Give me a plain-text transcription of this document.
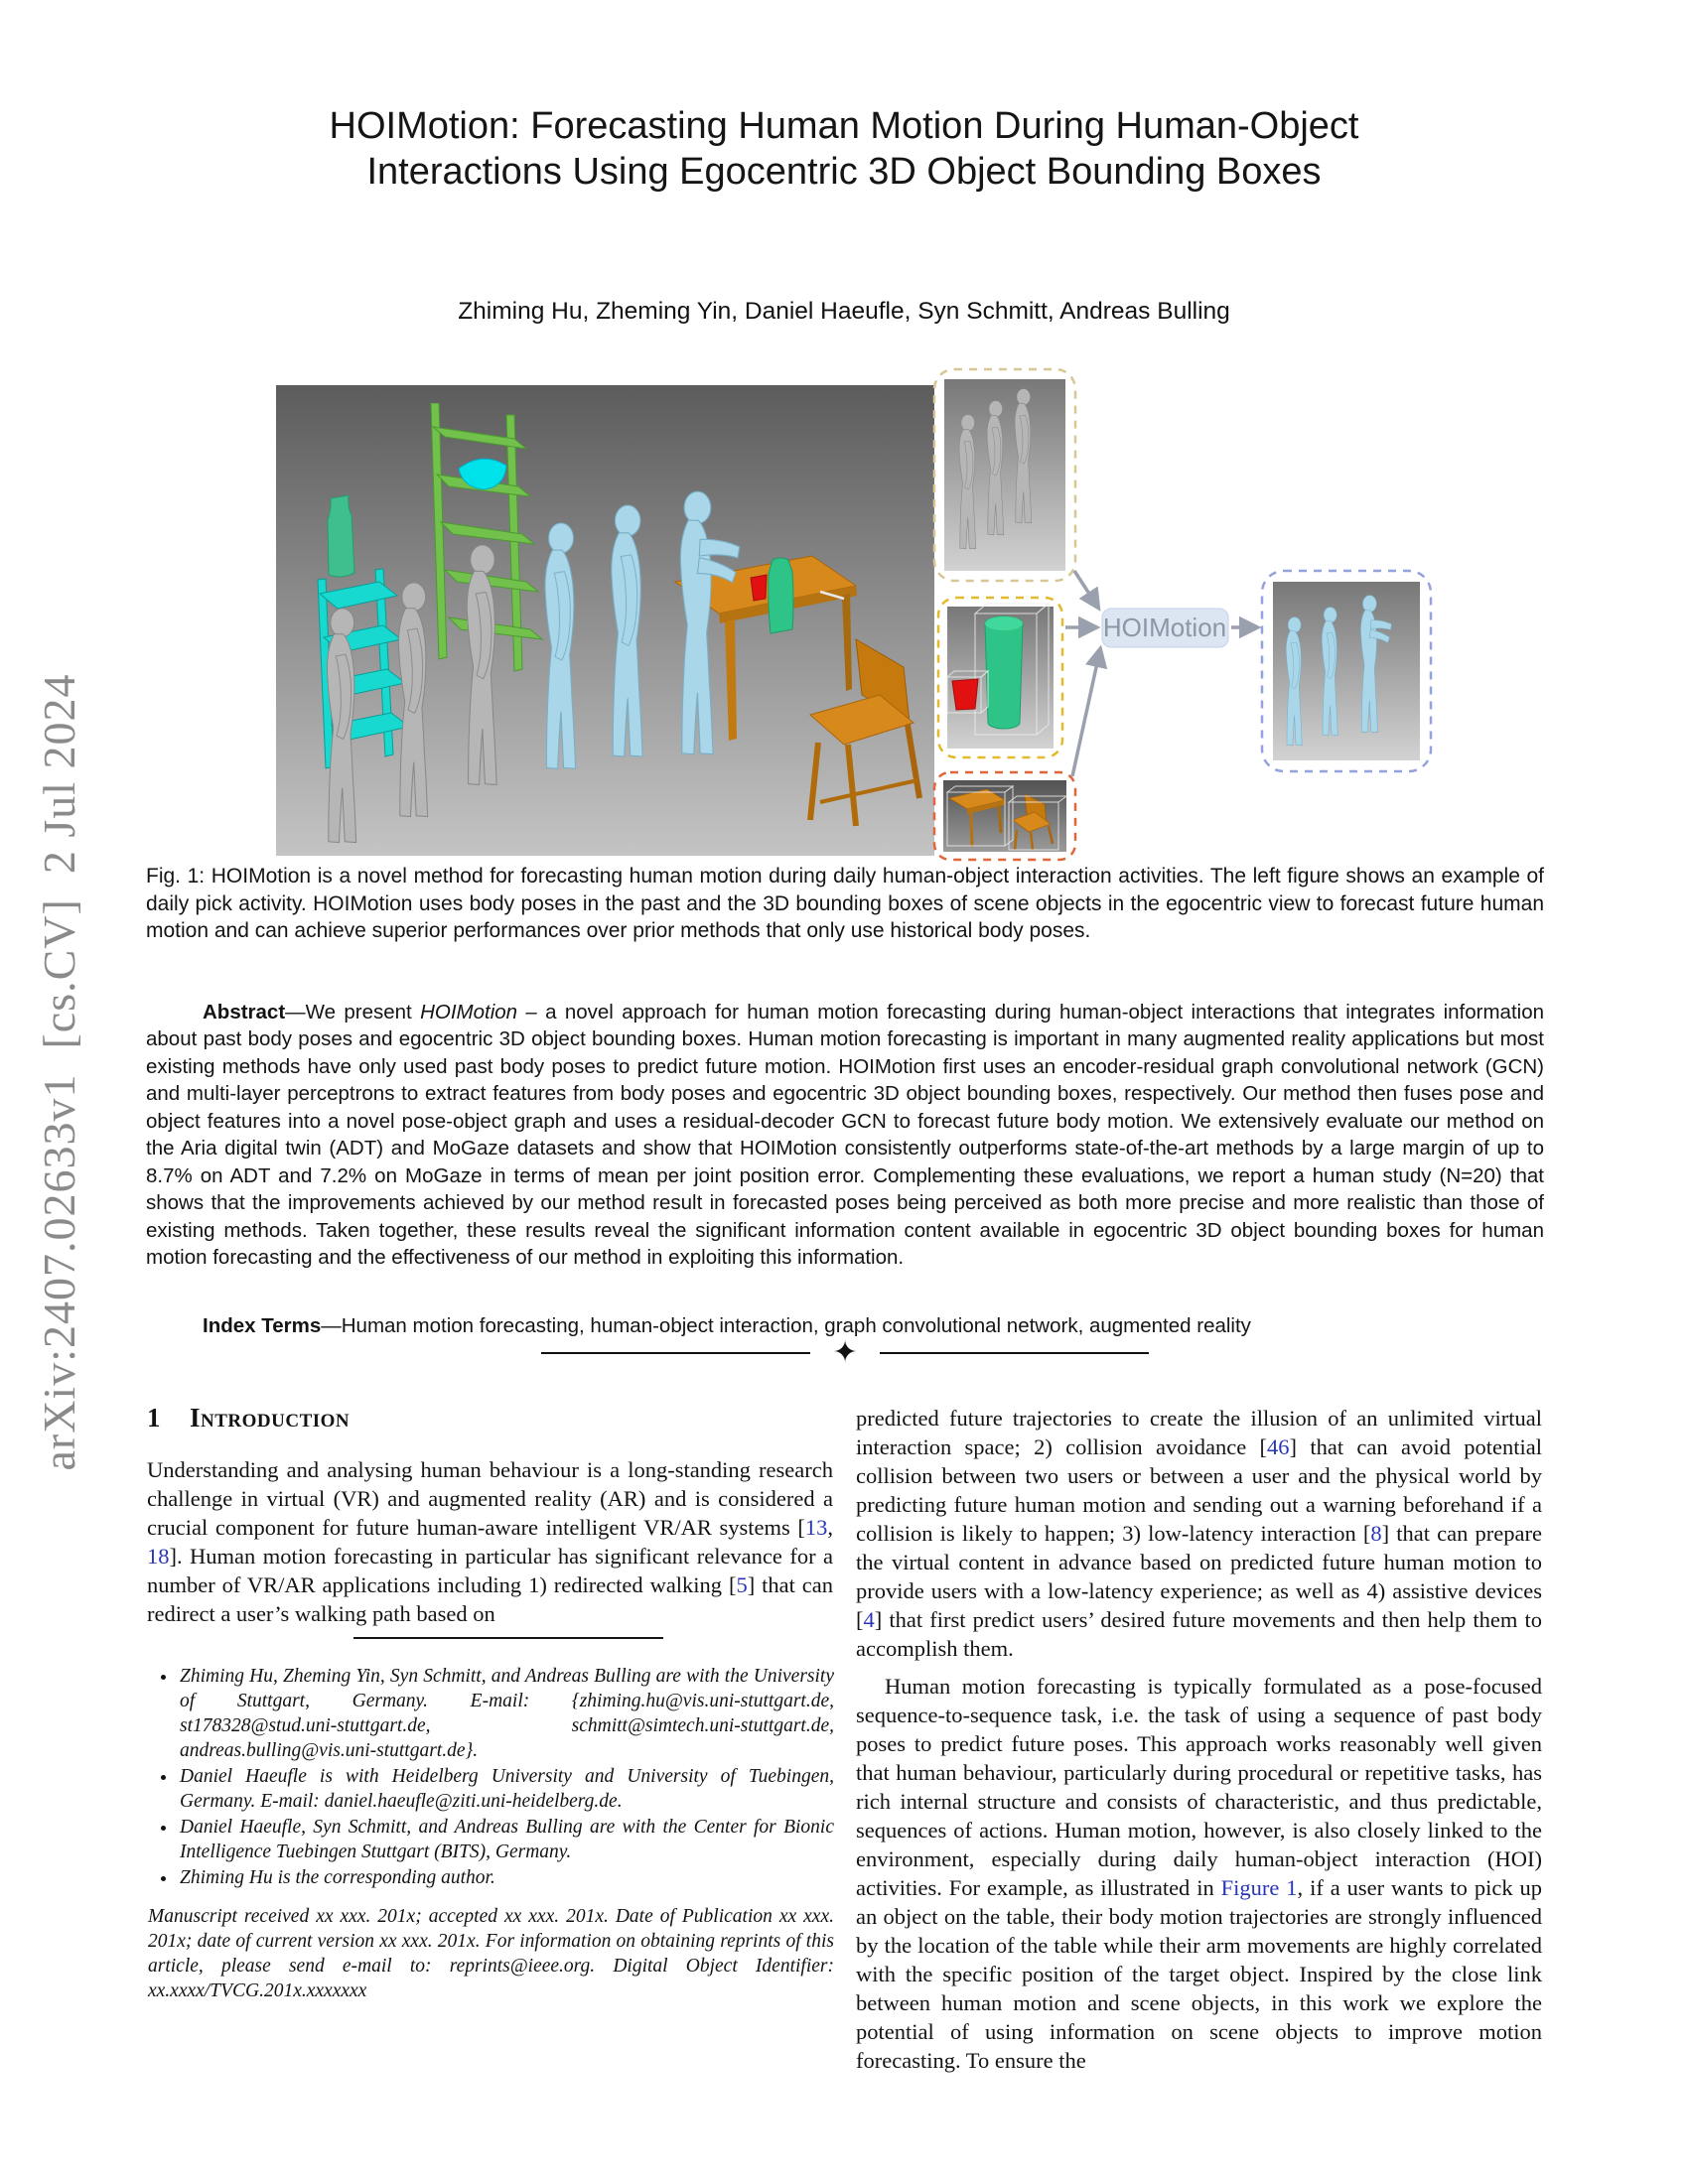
arXiv:2407.02633v1  [cs.CV]  2 Jul 2024
HOIMotion: Forecasting Human Motion During Human-Object Interactions Using Egocentric 3D Object Bounding Boxes
Zhiming Hu, Zheming Yin, Daniel Haeufle, Syn Schmitt, Andreas Bulling
HOIMotion
Fig. 1: HOIMotion is a novel method for forecasting human motion during daily human-object interaction activities. The left figure shows an example of daily pick activity. HOIMotion uses body poses in the past and the 3D bounding boxes of scene objects in the egocentric view to forecast future human motion and can achieve superior performances over prior methods that only use historical body poses.

Abstract—We present HOIMotion – a novel approach for human motion forecasting during human-object interactions that integrates information about past body poses and egocentric 3D object bounding boxes. Human motion forecasting is important in many augmented reality applications but most existing methods have only used past body poses to predict future motion. HOIMotion first uses an encoder-residual graph convolutional network (GCN) and multi-layer perceptrons to extract features from body poses and egocentric 3D object bounding boxes, respectively. Our method then fuses pose and object features into a novel pose-object graph and uses a residual-decoder GCN to forecast future body motion. We extensively evaluate our method on the Aria digital twin (ADT) and MoGaze datasets and show that HOIMotion consistently outperforms state-of-the-art methods by a large margin of up to 8.7% on ADT and 7.2% on MoGaze in terms of mean per joint position error. Complementing these evaluations, we report a human study (N=20) that shows that the improvements achieved by our method result in forecasted poses being perceived as both more precise and more realistic than those of existing methods. Taken together, these results reveal the significant information content available in egocentric 3D object bounding boxes for human motion forecasting and the effectiveness of our method in exploiting this information.

Index Terms—Human motion forecasting, human-object interaction, graph convolutional network, augmented reality

✦
1 Introduction

Understanding and analysing human behaviour is a long-standing research challenge in virtual (VR) and augmented reality (AR) and is considered a crucial component for future human-aware intelligent VR/AR systems [13, 18]. Human motion forecasting in particular has significant relevance for a number of VR/AR applications including 1) redirected walking [5] that can redirect a user’s walking path based on

predicted future trajectories to create the illusion of an unlimited virtual interaction space; 2) collision avoidance [46] that can avoid potential collision between two users or between a user and the physical world by predicting future human motion and sending out a warning beforehand if a collision is likely to happen; 3) low-latency interaction [8] that can prepare the virtual content in advance based on predicted future human motion to provide users with a low-latency experience; as well as 4) assistive devices [4] that first predict users’ desired future movements and then help them to accomplish them.

Human motion forecasting is typically formulated as a pose-focused sequence-to-sequence task, i.e. the task of using a sequence of past body poses to predict future poses. This approach works reasonably well given that human behaviour, particularly during procedural or repetitive tasks, has rich internal structure and consists of characteristic, and thus predictable, sequences of actions. Human motion, however, is also closely linked to the environment, especially during daily human-object interaction (HOI) activities. For example, as illustrated in Figure 1, if a user wants to pick up an object on the table, their body motion trajectories are strongly influenced by the location of the table while their arm movements are highly correlated with the specific position of the target object. Inspired by the close link between human motion and scene objects, in this work we explore the potential of using information on scene objects to improve motion forecasting. To ensure the

• Zhiming Hu, Zheming Yin, Syn Schmitt, and Andreas Bulling are with the University of Stuttgart, Germany. E-mail: {zhiming.hu@vis.uni-stuttgart.de, st178328@stud.uni-stuttgart.de, schmitt@simtech.uni-stuttgart.de, andreas.bulling@vis.uni-stuttgart.de}.
• Daniel Haeufle is with Heidelberg University and University of Tuebingen, Germany. E-mail: daniel.haeufle@ziti.uni-heidelberg.de.
• Daniel Haeufle, Syn Schmitt, and Andreas Bulling are with the Center for Bionic Intelligence Tuebingen Stuttgart (BITS), Germany.
• Zhiming Hu is the corresponding author.

Manuscript received xx xxx. 201x; accepted xx xxx. 201x. Date of Publication xx xxx. 201x; date of current version xx xxx. 201x. For information on obtaining reprints of this article, please send e-mail to: reprints@ieee.org. Digital Object Identifier: xx.xxxx/TVCG.201x.xxxxxxx
